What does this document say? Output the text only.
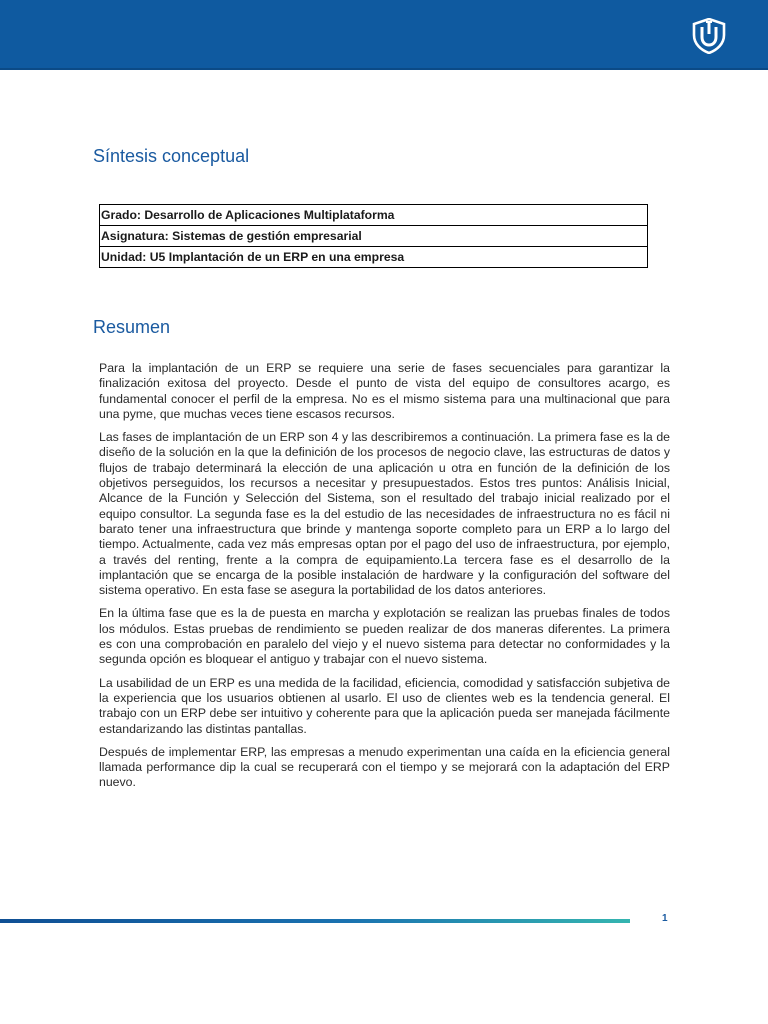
Síntesis conceptual
Grado: Desarrollo de Aplicaciones Multiplataforma
Asignatura: Sistemas de gestión empresarial
Unidad: U5 Implantación de un ERP en una empresa
Resumen

Para la implantación de un ERP se requiere una serie de fases secuenciales para garantizar la finalización exitosa del proyecto. Desde el punto de vista del equipo de consultores acargo, es fundamental conocer el perfil de la empresa. No es el mismo sistema para una multinacional que para una pyme, que muchas veces tiene escasos recursos.

Las fases de implantación de un ERP son 4 y las describiremos a continuación. La primera fase es la de diseño de la solución en la que la definición de los procesos de negocio clave, las estructuras de datos y flujos de trabajo determinará la elección de una aplicación u otra en función de la definición de los objetivos perseguidos, los recursos a necesitar y presupuestados. Estos tres puntos: Análisis Inicial, Alcance de la Función y Selección del Sistema, son el resultado del trabajo inicial realizado por el equipo consultor. La segunda fase es la del estudio de las necesidades de infraestructura no es fácil ni barato tener una infraestructura que brinde y mantenga soporte completo para un ERP a lo largo del tiempo. Actualmente, cada vez más empresas optan por el pago del uso de infraestructura, por ejemplo, a través del renting, frente a la compra de equipamiento.La tercera fase es el desarrollo de la implantación que se encarga de la posible instalación de hardware y la configuración del software del sistema operativo. En esta fase se asegura la portabilidad de los datos anteriores.

En la última fase que es la de puesta en marcha y explotación se realizan las pruebas finales de todos los módulos. Estas pruebas de rendimiento se pueden realizar de dos maneras diferentes. La primera es con una comprobación en paralelo del viejo y el nuevo sistema para detectar no conformidades y la segunda opción es bloquear el antiguo y trabajar con el nuevo sistema.

La usabilidad de un ERP es una medida de la facilidad, eficiencia, comodidad y satisfacción subjetiva de la experiencia que los usuarios obtienen al usarlo. El uso de clientes web es la tendencia general. El trabajo con un ERP debe ser intuitivo y coherente para que la aplicación pueda ser manejada fácilmente estandarizando las distintas pantallas.

Después de implementar ERP, las empresas a menudo experimentan una caída en la eficiencia general llamada performance dip la cual se recuperará con el tiempo y se mejorará con la adaptación del ERP nuevo.

1
